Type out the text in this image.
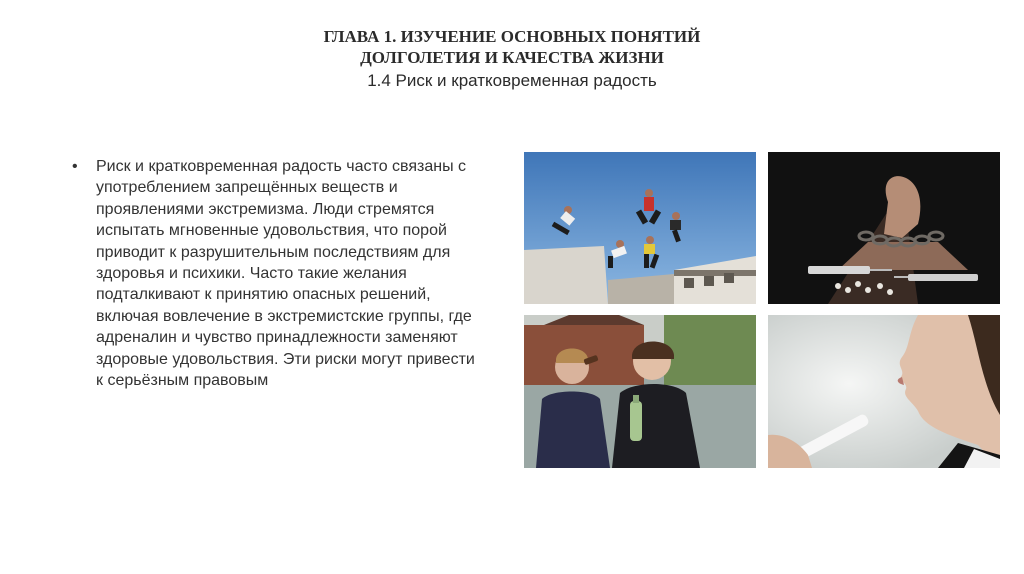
ГЛАВА 1. ИЗУЧЕНИЕ ОСНОВНЫХ ПОНЯТИЙ
ДОЛГОЛЕТИЯ И КАЧЕСТВА ЖИЗНИ
1.4 Риск и кратковременная радость
• Риск и кратковременная радость часто связаны с употреблением запрещённых веществ и проявлениями экстремизма. Люди стремятся испытать мгновенные удовольствия, что порой приводит к разрушительным последствиям для здоровья и психики. Часто такие желания подталкивают к принятию опасных решений, включая вовлечение в экстремистские группы, где адреналин и чувство принадлежности заменяют здоровые удовольствия. Эти риски могут привести к серьёзным правовым
